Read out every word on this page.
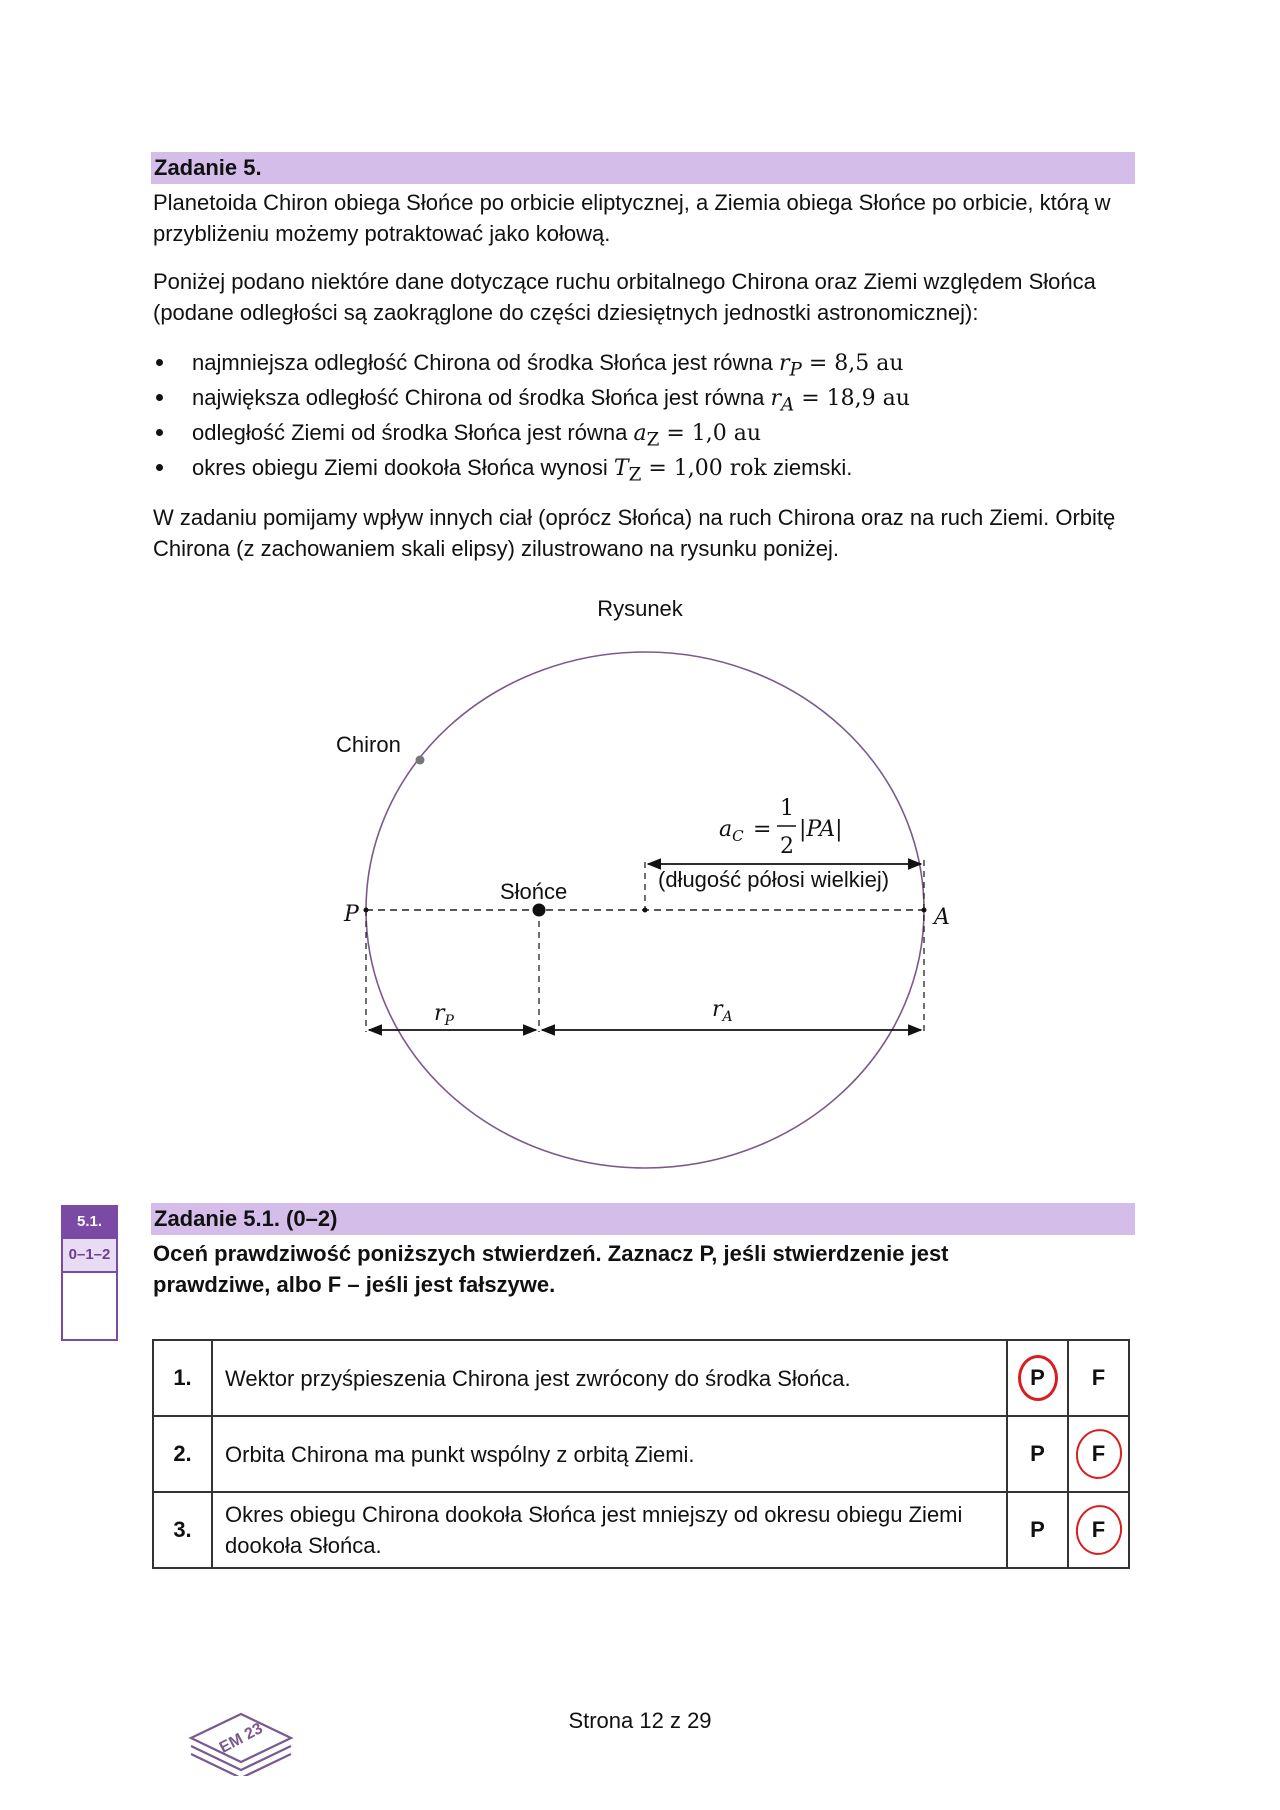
Zadanie 5.
Planetoida Chiron obiega Słońce po orbicie eliptycznej, a Ziemia obiega Słońce po orbicie, którą w przybliżeniu możemy potraktować jako kołową.
Poniżej podano niektóre dane dotyczące ruchu orbitalnego Chirona oraz Ziemi względem Słońca (podane odległości są zaokrąglone do części dziesiętnych jednostki astronomicznej):
najmniejsza odległość Chirona od środka Słońca jest równa $r_P = 8,5$ au
największa odległość Chirona od środka Słońca jest równa $r_A = 18,9$ au
odległość Ziemi od środka Słońca jest równa $a_Z = 1,0$ au
okres obiegu Ziemi dookoła Słońca wynosi $T_Z = 1,00$ rok ziemski.
W zadaniu pomijamy wpływ innych ciał (oprócz Słońca) na ruch Chirona oraz na ruch Ziemi. Orbitę Chirona (z zachowaniem skali elipsy) zilustrowano na rysunku poniżej.
Rysunek
Chiron
Słońce
P	A
$r_P$	$r_A$
$a_C$ =
1
2
|PA|
(długość półosi wielkiej)
5.1.
0–1–2
Zadanie 5.1. (0–2)
Oceń prawdziwość poniższych stwierdzeń. Zaznacz P, jeśli stwierdzenie jest prawdziwe, albo F – jeśli jest fałszywe.
1.	Wektor przyśpieszenia Chirona jest zwrócony do środka Słońca.	P	F
2.	Orbita Chirona ma punkt wspólny z orbitą Ziemi.	P	F
3.	Okres obiegu Chirona dookoła Słońca jest mniejszy od okresu obiegu Ziemi dookoła Słońca.	P	F
EM 23	Strona 12 z 29
